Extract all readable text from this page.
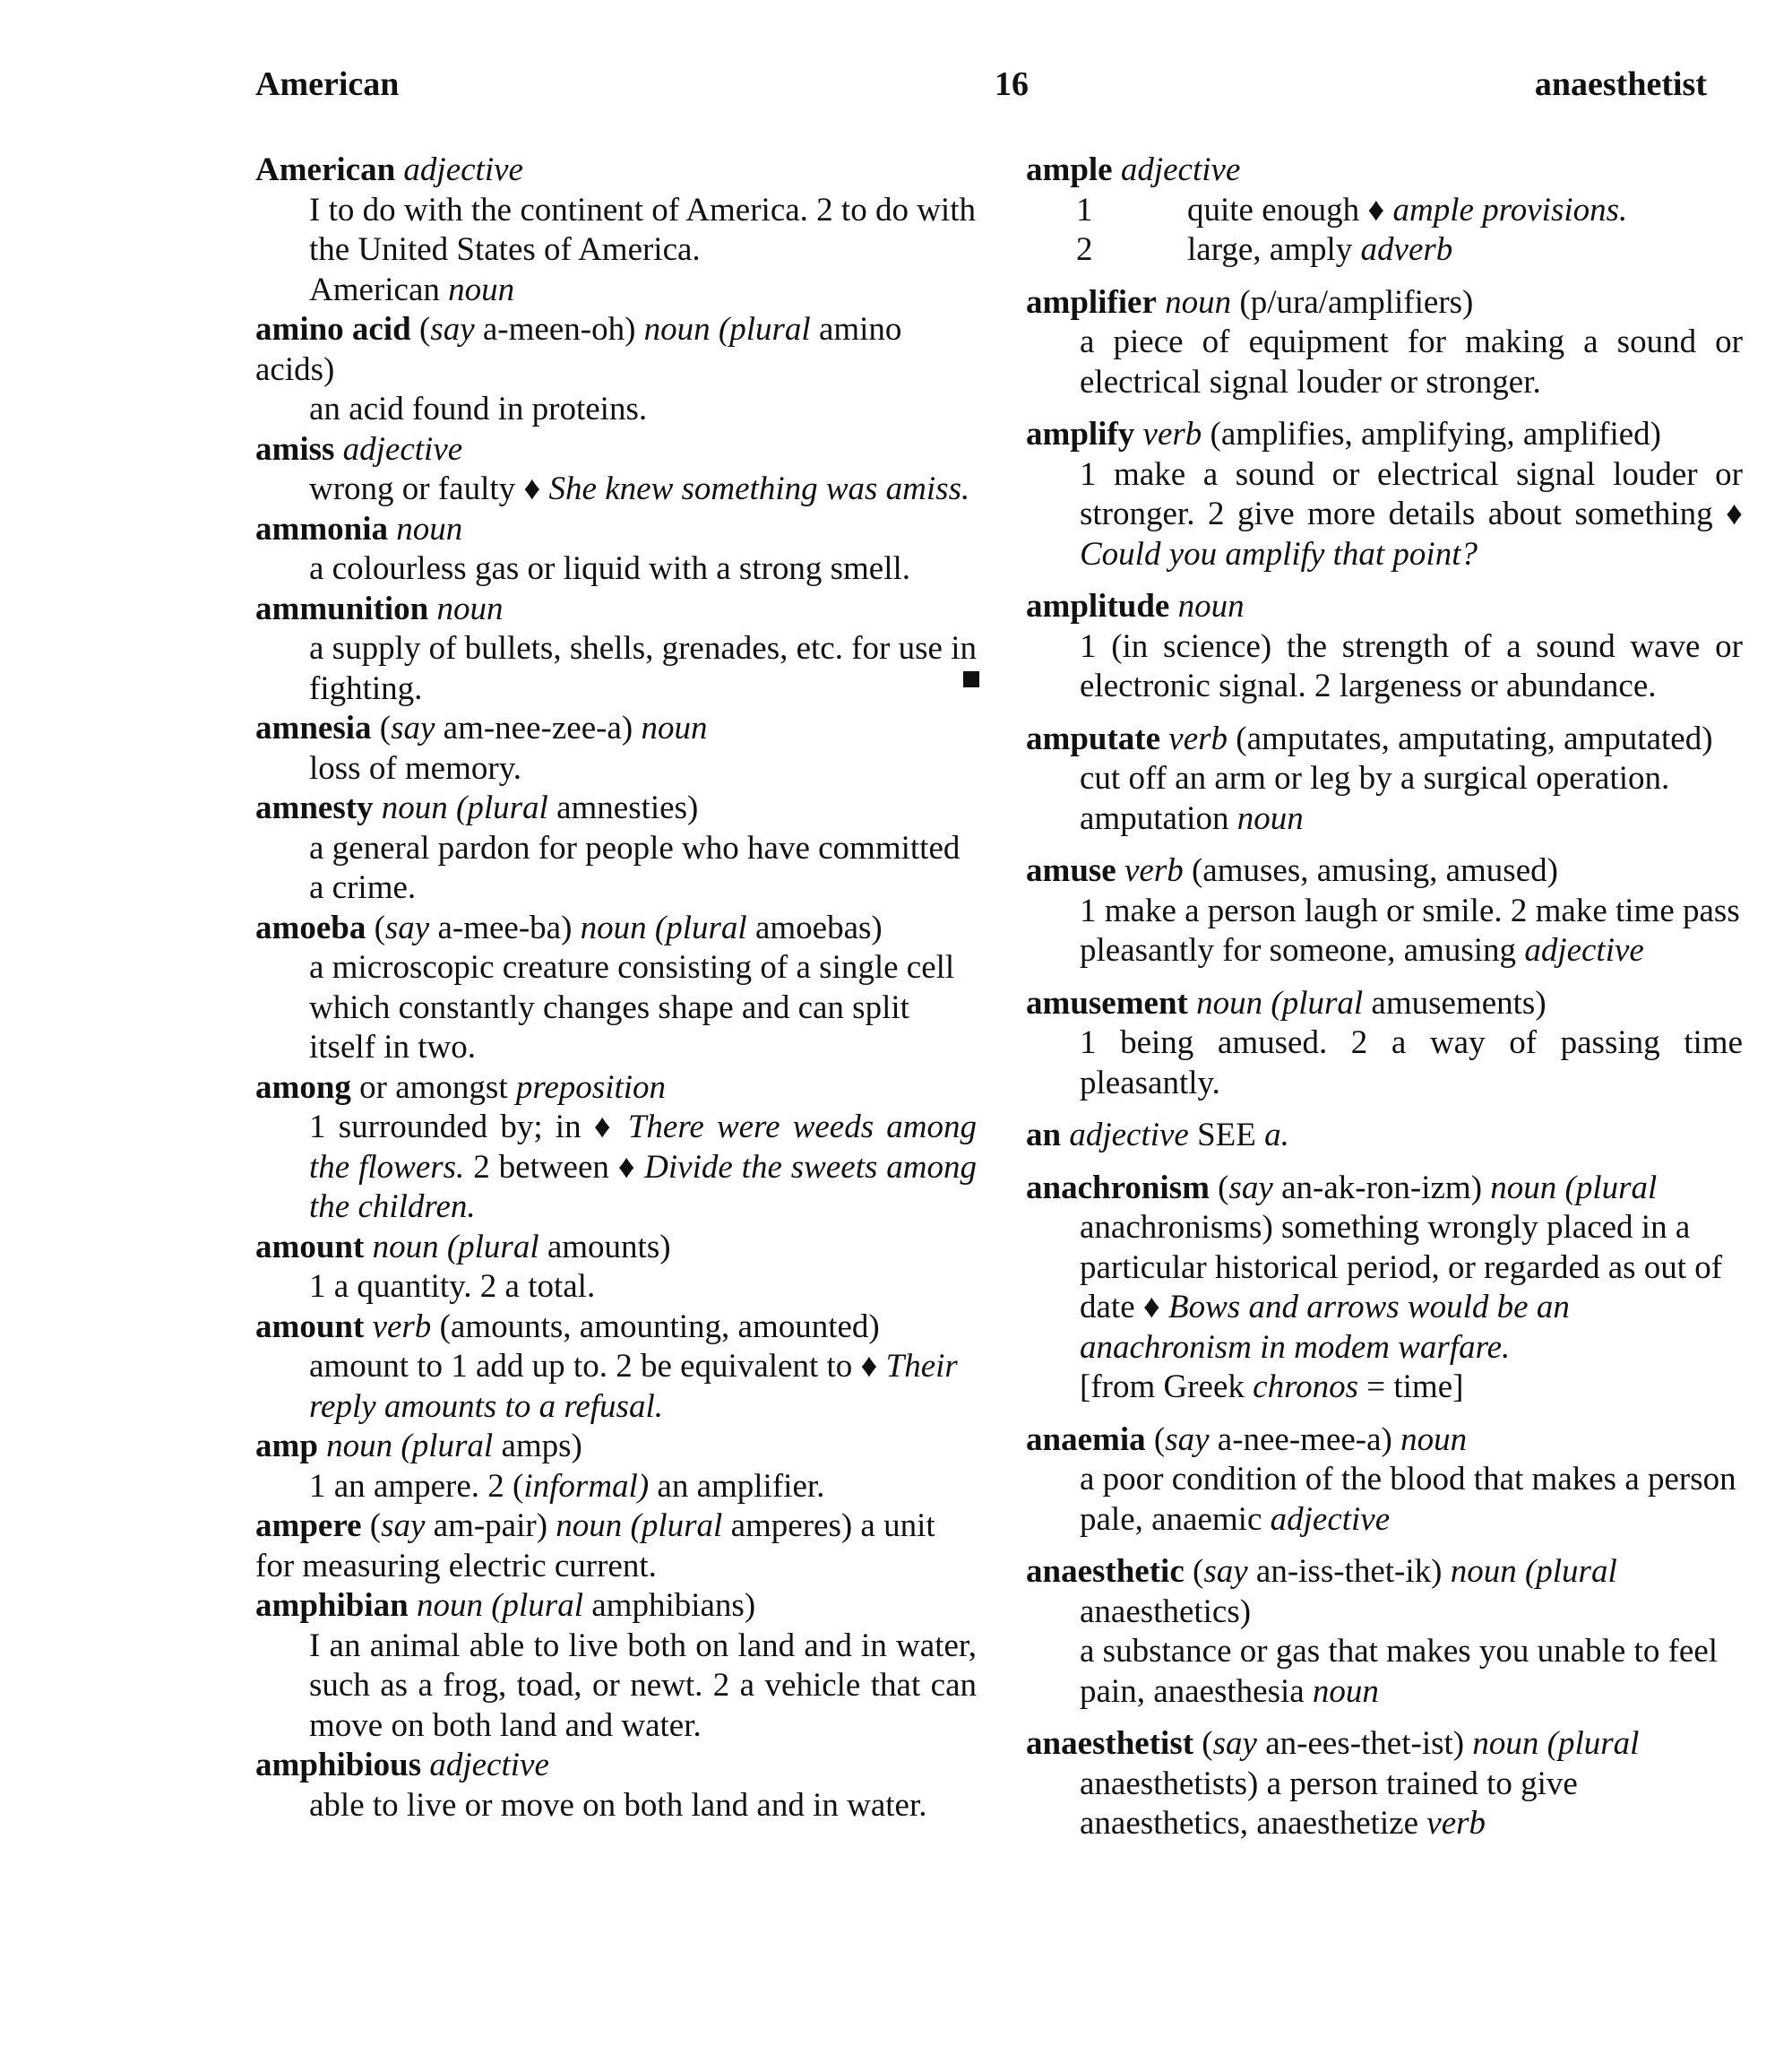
American	16	anaesthetist
American adjective
I to do with the continent of America. 2 to do with the United States of America.
American noun
amino acid (say a-meen-oh) noun (plural amino acids)
an acid found in proteins.
amiss adjective
wrong or faulty ♦ She knew something was amiss.
ammonia noun
a colourless gas or liquid with a strong smell.
ammunition noun
a supply of bullets, shells, grenades, etc. for use in fighting.
amnesia (say am-nee-zee-a) noun
loss of memory.
amnesty noun (plural amnesties)
a general pardon for people who have committed a crime.
amoeba (say a-mee-ba) noun (plural amoebas)
a microscopic creature consisting of a single cell which constantly changes shape and can split itself in two.
among or amongst preposition
1 surrounded by; in ♦ There were weeds among the flowers. 2 between ♦ Divide the sweets among the children.
amount noun (plural amounts)
1 a quantity. 2 a total.
amount verb (amounts, amounting, amounted)
amount to 1 add up to. 2 be equivalent to ♦ Their reply amounts to a refusal.
amp noun (plural amps)
1 an ampere. 2 (informal) an amplifier.
ampere (say am-pair) noun (plural amperes) a unit for measuring electric current.
amphibian noun (plural amphibians)
I an animal able to live both on land and in water, such as a frog, toad, or newt. 2 a vehicle that can move on both land and water.
amphibious adjective
able to live or move on both land and in water.
ample adjective
1	quite enough ♦ ample provisions.
2	large, amply adverb
amplifier noun (p/ura/amplifiers)
a piece of equipment for making a sound or electrical signal louder or stronger.
amplify verb (amplifies, amplifying, amplified)
1 make a sound or electrical signal louder or stronger. 2 give more details about something ♦ Could you amplify that point?
amplitude noun
1 (in science) the strength of a sound wave or electronic signal. 2 largeness or abundance.
amputate verb (amputates, amputating, amputated)
cut off an arm or leg by a surgical operation.
amputation noun
amuse verb (amuses, amusing, amused)
1 make a person laugh or smile. 2 make time pass pleasantly for someone, amusing adjective
amusement noun (plural amusements)
1 being amused. 2 a way of passing time pleasantly.
an adjective SEE a.
anachronism (say an-ak-ron-izm) noun (plural
anachronisms) something wrongly placed in a particular historical period, or regarded as out of date ♦ Bows and arrows would be an anachronism in modem warfare.
[from Greek chronos = time]
anaemia (say a-nee-mee-a) noun
a poor condition of the blood that makes a person pale, anaemic adjective
anaesthetic (say an-iss-thet-ik) noun (plural
anaesthetics)
a substance or gas that makes you unable to feel pain, anaesthesia noun
anaesthetist (say an-ees-thet-ist) noun (plural
anaesthetists) a person trained to give anaesthetics, anaesthetize verb
